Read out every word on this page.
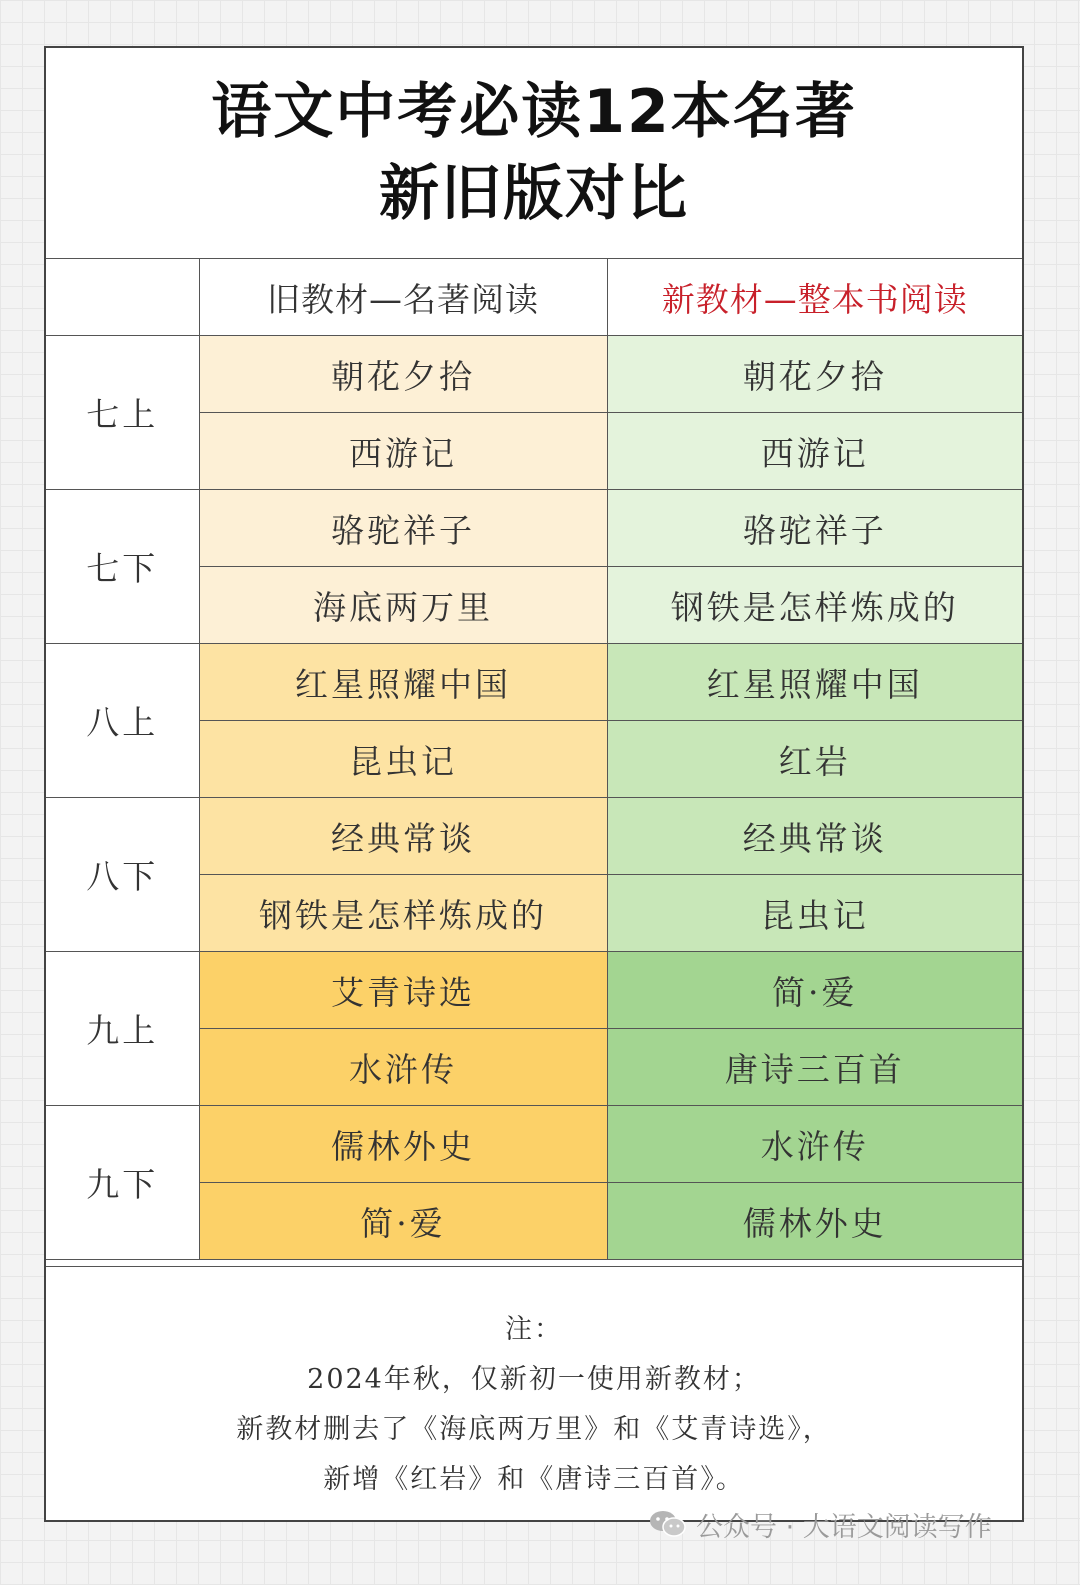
语文中考必读12本名著
新旧版对比
	旧教材—名著阅读	新教材—整本书阅读
七上	朝花夕拾	朝花夕拾
	西游记	西游记
七下	骆驼祥子	骆驼祥子
	海底两万里	钢铁是怎样炼成的
八上	红星照耀中国	红星照耀中国
	昆虫记	红岩
八下	经典常谈	经典常谈
	钢铁是怎样炼成的	昆虫记
九上	艾青诗选	简·爱
	水浒传	唐诗三百首
九下	儒林外史	水浒传
	简·爱	儒林外史
注：
2024年秋，仅新初一使用新教材；
新教材删去了《海底两万里》和《艾青诗选》，
新增《红岩》和《唐诗三百首》。
公众号 · 大语文阅读写作
